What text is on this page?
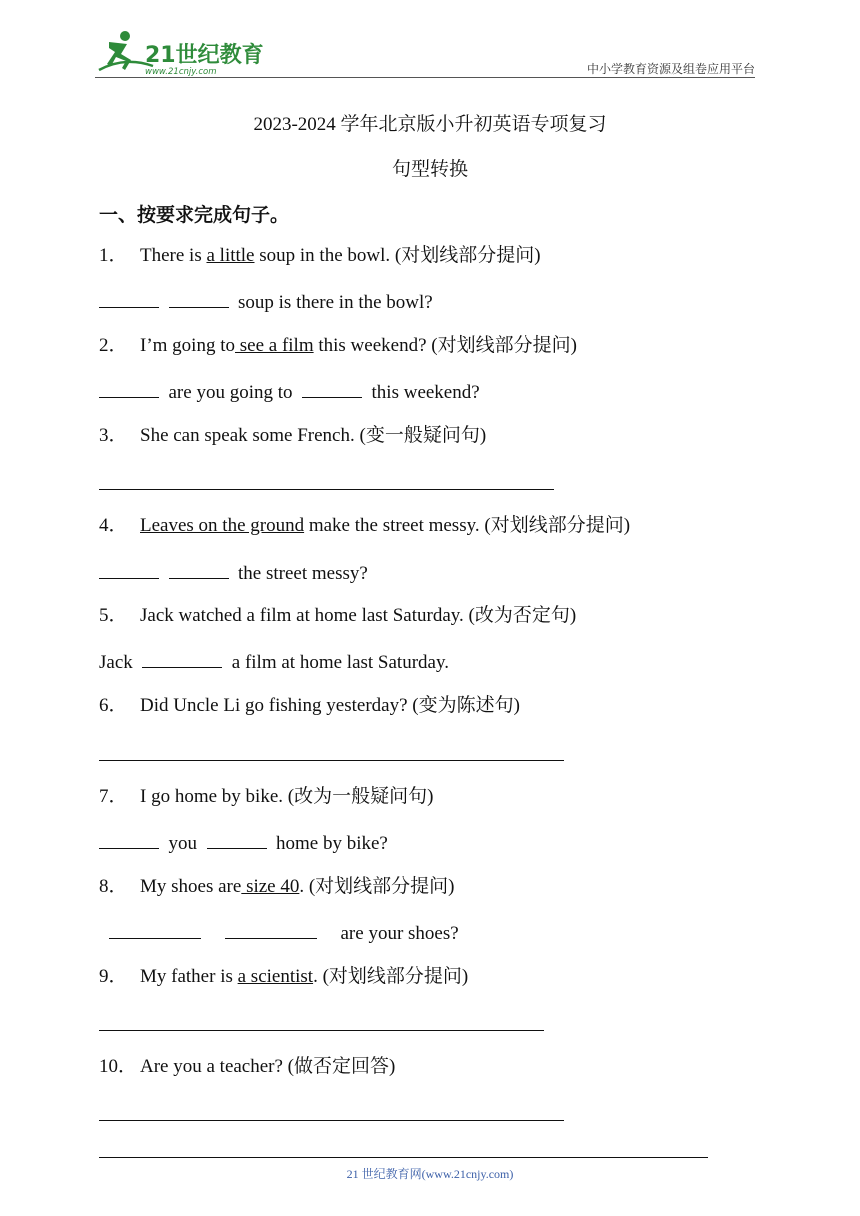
21世纪教育
www.21cnjy.com	中小学教育资源及组卷应用平台
2023-2024 学年北京版小升初英语专项复习
句型转换
一、按要求完成句子。
1． There is a little soup in the bowl. (对划线部分提问)
soup is there in the bowl?
2． I’m going to see a film this weekend? (对划线部分提问)
are you going to	this weekend?
3． She can speak some French. (变一般疑问句)
4． Leaves on the ground make the street messy. (对划线部分提问)
the street messy?
5． Jack watched a film at home last Saturday. (改为否定句)
Jack	a film at home last Saturday.
6． Did Uncle Li go fishing yesterday? (变为陈述句)
7． I go home by bike. (改为一般疑问句)
you	home by bike?
8． My shoes are size 40. (对划线部分提问)
are your shoes?
9． My father is a scientist. (对划线部分提问)
10． Are you a teacher? (做否定回答)
21 世纪教育网(www.21cnjy.com)
